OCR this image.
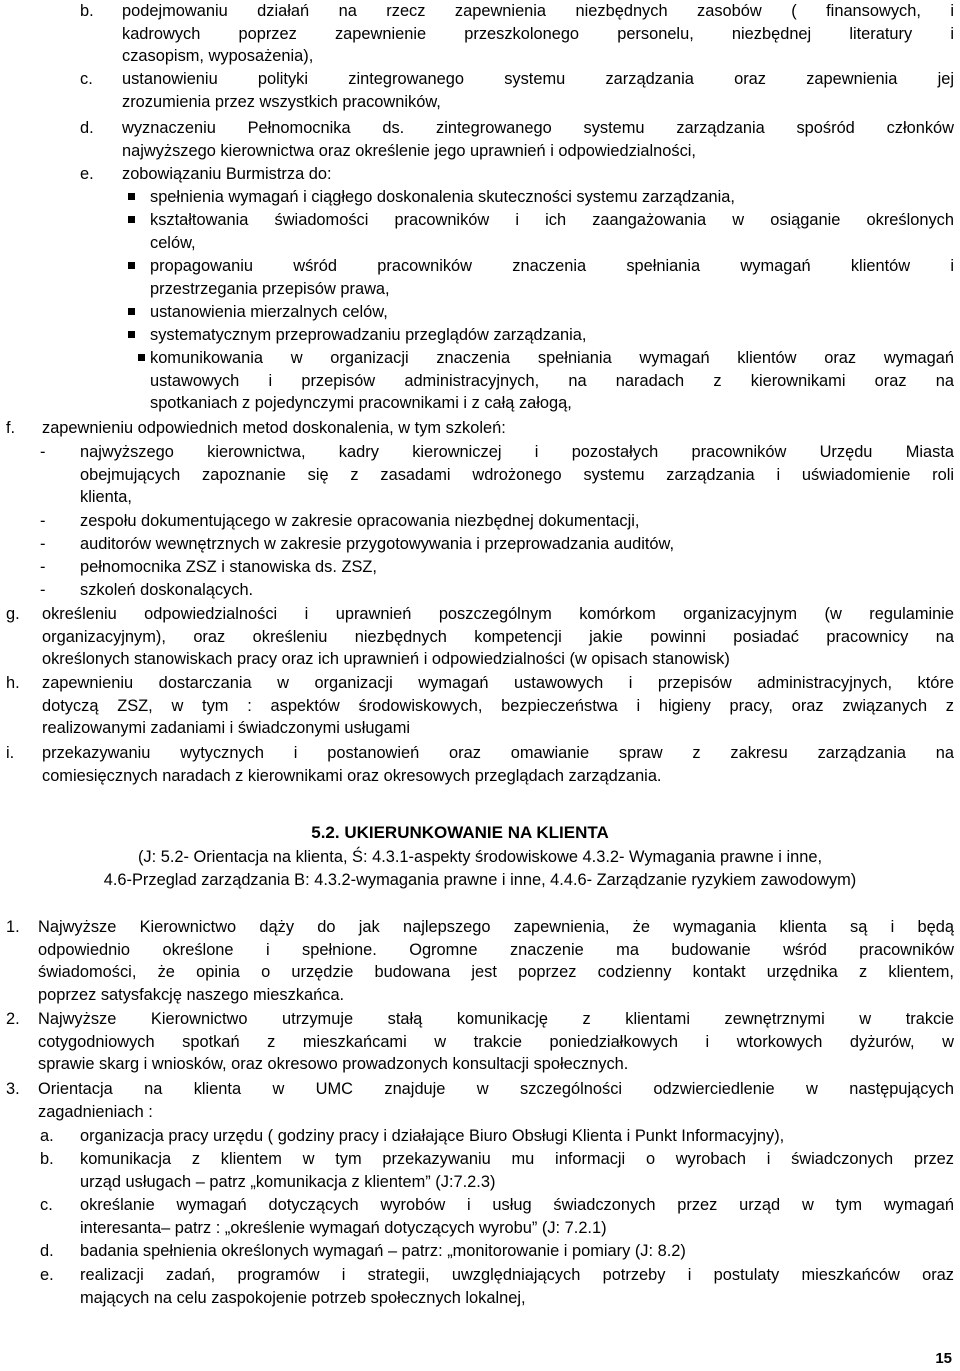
b. podejmowaniu działań na rzecz zapewnienia niezbędnych zasobów ( finansowych, i
kadrowych poprzez zapewnienie przeszkolonego personelu, niezbędnej literatury i
czasopism, wyposażenia),
c. ustanowieniu polityki zintegrowanego systemu zarządzania oraz zapewnienia jej
zrozumienia przez wszystkich pracowników,
d. wyznaczeniu Pełnomocnika ds. zintegrowanego systemu zarządzania spośród członków
najwyższego kierownictwa oraz określenie jego uprawnień i odpowiedzialności,
e. zobowiązaniu Burmistrza do:
spełnienia wymagań i ciągłego doskonalenia skuteczności systemu zarządzania,
kształtowania świadomości pracowników i ich zaangażowania w osiąganie określonych
celów,
propagowaniu wśród pracowników znaczenia spełniania wymagań klientów i
przestrzegania przepisów prawa,
ustanowienia mierzalnych celów,
systematycznym przeprowadzaniu przeglądów zarządzania,
komunikowania w organizacji znaczenia spełniania wymagań klientów oraz wymagań
ustawowych i przepisów administracyjnych, na naradach z kierownikami oraz na
spotkaniach z pojedynczymi pracownikami i z całą załogą,
f. zapewnieniu odpowiednich metod doskonalenia, w tym szkoleń:
- najwyższego kierownictwa, kadry kierowniczej i pozostałych pracowników Urzędu Miasta
obejmujących zapoznanie się z zasadami wdrożonego systemu zarządzania i uświadomienie roli
klienta,
- zespołu dokumentującego w zakresie opracowania niezbędnej dokumentacji,
- auditorów wewnętrznych w zakresie przygotowywania i przeprowadzania auditów,
- pełnomocnika ZSZ i stanowiska ds. ZSZ,
- szkoleń doskonalących.
g. określeniu odpowiedzialności i uprawnień poszczególnym komórkom organizacyjnym (w regulaminie
organizacyjnym), oraz określeniu niezbędnych kompetencji jakie powinni posiadać pracownicy na
określonych stanowiskach pracy oraz ich uprawnień i odpowiedzialności (w opisach stanowisk)
h. zapewnieniu dostarczania w organizacji wymagań ustawowych i przepisów administracyjnych, które
dotyczą ZSZ, w tym : aspektów środowiskowych, bezpieczeństwa i higieny pracy, oraz związanych z
realizowanymi zadaniami i świadczonymi usługami
i. przekazywaniu wytycznych i postanowień oraz omawianie spraw z zakresu zarządzania na
comiesięcznych naradach z kierownikami oraz okresowych przeglądach zarządzania.
5.2. UKIERUNKOWANIE NA KLIENTA
(J: 5.2- Orientacja na klienta, Ś: 4.3.1-aspekty środowiskowe 4.3.2- Wymagania prawne i inne,
4.6-Przeglad zarządzania B: 4.3.2-wymagania prawne i inne, 4.4.6- Zarządzanie ryzykiem zawodowym)
1. Najwyższe Kierownictwo dąży do jak najlepszego zapewnienia, że wymagania klienta są i będą
odpowiednio określone i spełnione. Ogromne znaczenie ma budowanie wśród pracowników
świadomości, że opinia o urzędzie budowana jest poprzez codzienny kontakt urzędnika z klientem,
poprzez satysfakcję naszego mieszkańca.
2. Najwyższe Kierownictwo utrzymuje stałą komunikację z klientami zewnętrznymi w trakcie
cotygodniowych spotkań z mieszkańcami w trakcie poniedziałkowych i wtorkowych dyżurów, w
sprawie skarg i wniosków, oraz okresowo prowadzonych konsultacji społecznych.
3. Orientacja na klienta w UMC znajduje w szczególności odzwierciedlenie w następujących
zagadnieniach :
a. organizacja pracy urzędu ( godziny pracy i działające Biuro Obsługi Klienta i Punkt Informacyjny),
b. komunikacja z klientem w tym przekazywaniu mu informacji o wyrobach i świadczonych przez
urząd usługach – patrz „komunikacja z klientem” (J:7.2.3)
c. określanie wymagań dotyczących wyrobów i usług świadczonych przez urząd w tym wymagań
interesanta– patrz : „określenie wymagań dotyczących wyrobu” (J: 7.2.1)
d. badania spełnienia określonych wymagań – patrz: „monitorowanie i pomiary (J: 8.2)
e. realizacji zadań, programów i strategii, uwzględniających potrzeby i postulaty mieszkańców oraz
mających na celu zaspokojenie potrzeb społecznych lokalnej,
15
